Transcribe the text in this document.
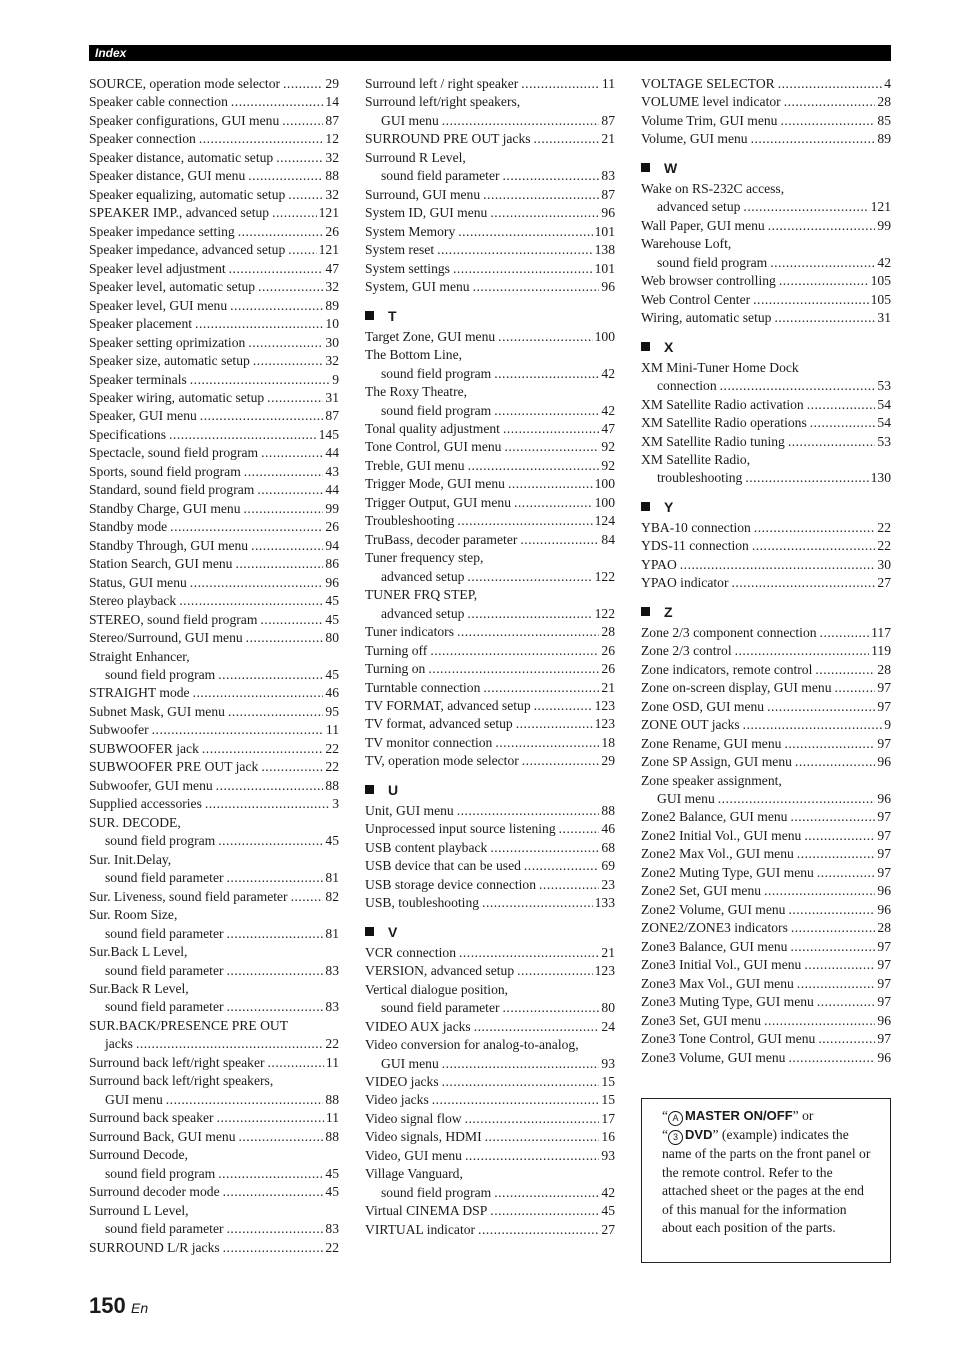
Index
SOURCE, operation mode selector .....	29
Speaker cable connection .....	14
Speaker configurations, GUI menu .....	87
Speaker connection .....	12
Speaker distance, automatic setup .....	32
Speaker distance, GUI menu .....	88
Speaker equalizing, automatic setup .....	32
SPEAKER IMP., advanced setup .....	121
Speaker impedance setting .....	26
Speaker impedance, advanced setup ..... 121
Speaker level adjustment .....	47
Speaker level, automatic setup .....	32
Speaker level, GUI menu .....	89
Speaker placement .....	10
Speaker setting oprimization .....	30
Speaker size, automatic setup .....	32
Speaker terminals .....	9
Speaker wiring, automatic setup .....	31
Speaker, GUI menu .....	87
Specifications .....	145
Spectacle, sound field program .....	44
Sports, sound field program .....	43
Standard, sound field program .....	44
Standby Charge, GUI menu .....	99
Standby mode .....	26
Standby Through, GUI menu .....	94
Station Search, GUI menu .....	86
Status, GUI menu .....	96
Stereo playback .....	45
STEREO, sound field program .....	45
Stereo/Surround, GUI menu .....	80
Straight Enhancer,
sound field program .....	45
STRAIGHT mode .....	46
Subnet Mask, GUI menu .....	95
Subwoofer .....	11
SUBWOOFER jack .....	22
SUBWOOFER PRE OUT jack .....	22
Subwoofer, GUI menu .....	88
Supplied accessories .....	3
SUR. DECODE,
sound field program .....	45
Sur. Init.Delay,
sound field parameter .....	81
Sur. Liveness, sound field parameter .....	82
Sur. Room Size,
sound field parameter .....	81
Sur.Back L Level,
sound field parameter .....	83
Sur.Back R Level,
sound field parameter .....	83
SUR.BACK/PRESENCE PRE OUT
jacks .....	22
Surround back left/right speaker .....	11
Surround back left/right speakers,
GUI menu .....	88
Surround back speaker .....	11
Surround Back, GUI menu .....	88
Surround Decode,
sound field program .....	45
Surround decoder mode .....	45
Surround L Level,
sound field parameter .....	83
SURROUND L/R jacks .....	22
Surround left / right speaker .....	11
Surround left/right speakers,
GUI menu .....	87
SURROUND PRE OUT jacks .....	21
Surround R Level,
sound field parameter .....	83
Surround, GUI menu .....	87
System ID, GUI menu .....	96
System Memory .....	101
System reset .....	138
System settings .....	101
System, GUI menu .....	96
T
Target Zone, GUI menu .....	100
The Bottom Line,
sound field program .....	42
The Roxy Theatre,
sound field program .....	42
Tonal quality adjustment .....	47
Tone Control, GUI menu .....	92
Treble, GUI menu .....	92
Trigger Mode, GUI menu .....	100
Trigger Output, GUI menu .....	100
Troubleshooting .....	124
TruBass, decoder parameter .....	84
Tuner frequency step,
advanced setup .....	122
TUNER FRQ STEP,
advanced setup .....	122
Tuner indicators .....	28
Turning off .....	26
Turning on .....	26
Turntable connection .....	21
TV FORMAT, advanced setup .....	123
TV format, advanced setup .....	123
TV monitor connection .....	18
TV, operation mode selector .....	29
U
Unit, GUI menu .....	88
Unprocessed input source listening .....	46
USB content playback .....	68
USB device that can be used .....	69
USB storage device connection .....	23
USB, toubleshooting .....	133
V
VCR connection .....	21
VERSION, advanced setup .....	123
Vertical dialogue position,
sound field parameter .....	80
VIDEO AUX jacks .....	24
Video conversion for analog-to-analog,
GUI menu .....	93
VIDEO jacks .....	15
Video jacks .....	15
Video signal flow .....	17
Video signals, HDMI .....	16
Video, GUI menu .....	93
Village Vanguard,
sound field program .....	42
Virtual CINEMA DSP .....	45
VIRTUAL indicator .....	27
VOLTAGE SELECTOR .....	4
VOLUME level indicator .....	28
Volume Trim, GUI menu .....	85
Volume, GUI menu .....	89
W
Wake on RS-232C access,
advanced setup .....	121
Wall Paper, GUI menu .....	99
Warehouse Loft,
sound field program .....	42
Web browser controlling .....	105
Web Control Center .....	105
Wiring, automatic setup .....	31
X
XM Mini-Tuner Home Dock
connection .....	53
XM Satellite Radio activation .....	54
XM Satellite Radio operations .....	54
XM Satellite Radio tuning .....	53
XM Satellite Radio,
troubleshooting .....	130
Y
YBA-10 connection .....	22
YDS-11 connection .....	22
YPAO .....	30
YPAO indicator .....	27
Z
Zone 2/3 component connection .....	117
Zone 2/3 control .....	119
Zone indicators, remote control .....	28
Zone on-screen display, GUI menu .....	97
Zone OSD, GUI menu .....	97
ZONE OUT jacks .....	9
Zone Rename, GUI menu .....	97
Zone SP Assign, GUI menu .....	96
Zone speaker assignment,
GUI menu .....	96
Zone2 Balance, GUI menu .....	97
Zone2 Initial Vol., GUI menu .....	97
Zone2 Max Vol., GUI menu .....	97
Zone2 Muting Type, GUI menu .....	97
Zone2 Set, GUI menu .....	96
Zone2 Volume, GUI menu .....	96
ZONE2/ZONE3 indicators .....	28
Zone3 Balance, GUI menu .....	97
Zone3 Initial Vol., GUI menu .....	97
Zone3 Max Vol., GUI menu .....	97
Zone3 Muting Type, GUI menu .....	97
Zone3 Set, GUI menu .....	96
Zone3 Tone Control, GUI menu .....	97
Zone3 Volume, GUI menu .....	96
“ A MASTER ON/OFF” or
“ 3 DVD” (example) indicates the name of the parts on the front panel or the remote control. Refer to the attached sheet or the pages at the end of this manual for the information about each position of the parts.
150 En
